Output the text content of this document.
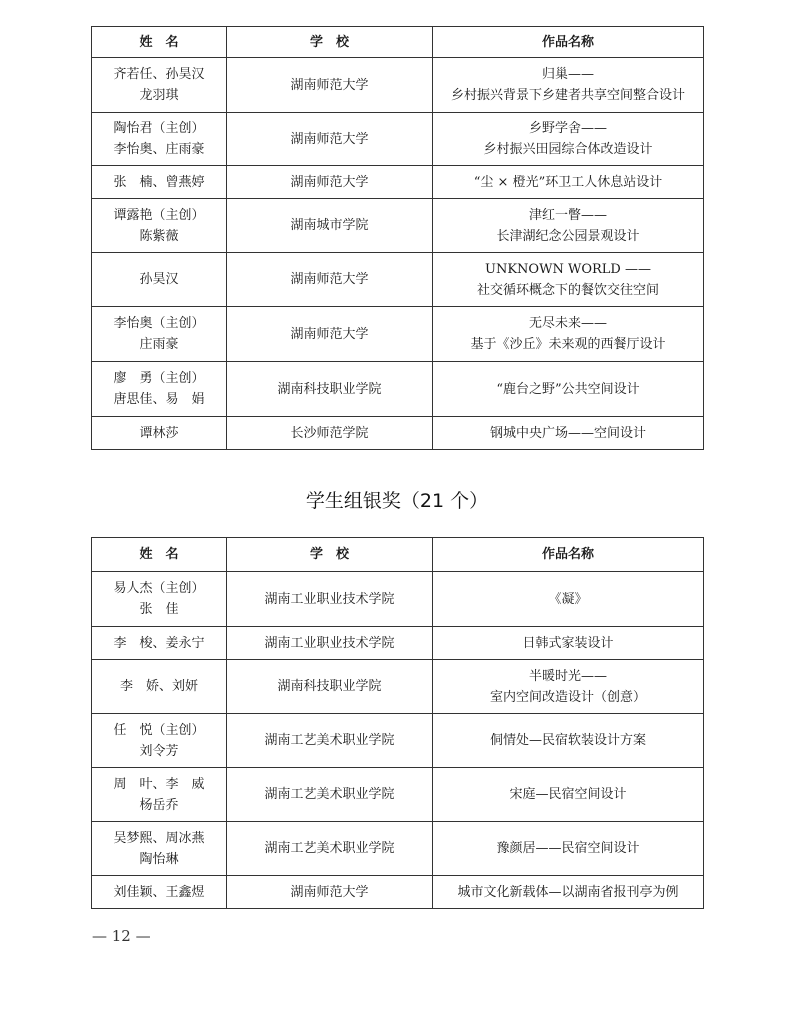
姓　名	学　校	作品名称

齐若任、孙昊汉
龙羽琪	湖南师范大学	归巢——
乡村振兴背景下乡建者共享空间整合设计

陶怡君（主创）
李怡奥、庄雨豪	湖南师范大学	乡野学舍——
乡村振兴田园综合体改造设计

张　楠、曾燕婷	湖南师范大学	“尘 × 橙光”环卫工人休息站设计

谭露艳（主创）
陈紫薇	湖南城市学院	津红一瞥——
长津湖纪念公园景观设计

孙昊汉	湖南师范大学	UNKNOWN WORLD ——
社交循环概念下的餐饮交往空间

李怡奥（主创）
庄雨豪	湖南师范大学	无尽未来——
基于《沙丘》未来观的西餐厅设计

廖　勇（主创）
唐思佳、易　娟	湖南科技职业学院	“鹿台之野”公共空间设计

谭林莎	长沙师范学院	钢城中央广场——空间设计
学生组银奖（21 个）
姓　名	学　校	作品名称

易人杰（主创）
张　佳	湖南工业职业技术学院	《凝》

李　梭、姜永宁	湖南工业职业技术学院	日韩式家装设计

李　娇、刘妍	湖南科技职业学院	半暖时光——
室内空间改造设计（创意）

任　悦（主创）
刘令芳	湖南工艺美术职业学院	侗情处—民宿软装设计方案

周　叶、李　威
杨岳乔	湖南工艺美术职业学院	宋庭—民宿空间设计

吴梦熙、周冰燕
陶怡琳	湖南工艺美术职业学院	豫颜居——民宿空间设计

刘佳颖、王鑫煜	湖南师范大学	城市文化新载体—以湖南省报刊亭为例
— 12 —
